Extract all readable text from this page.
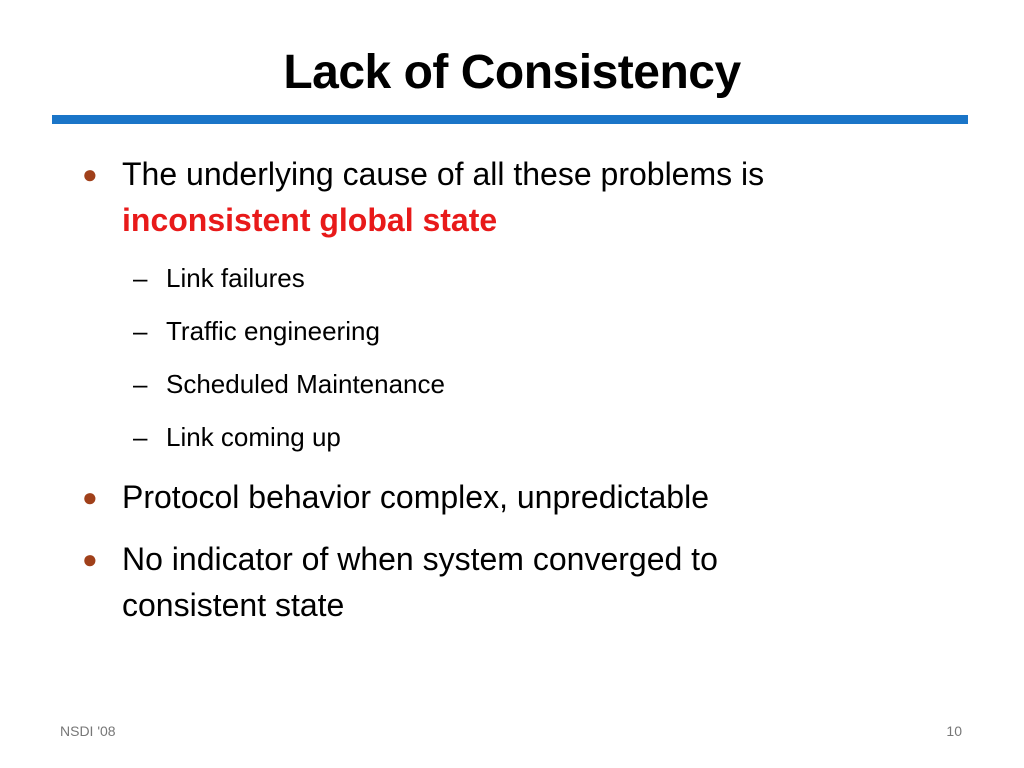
Lack of Consistency
● The underlying cause of all these problems is
inconsistent global state
– Link failures
– Traffic engineering
– Scheduled Maintenance
– Link coming up
● Protocol behavior complex, unpredictable
● No indicator of when system converged to consistent state
NSDI '08	10
